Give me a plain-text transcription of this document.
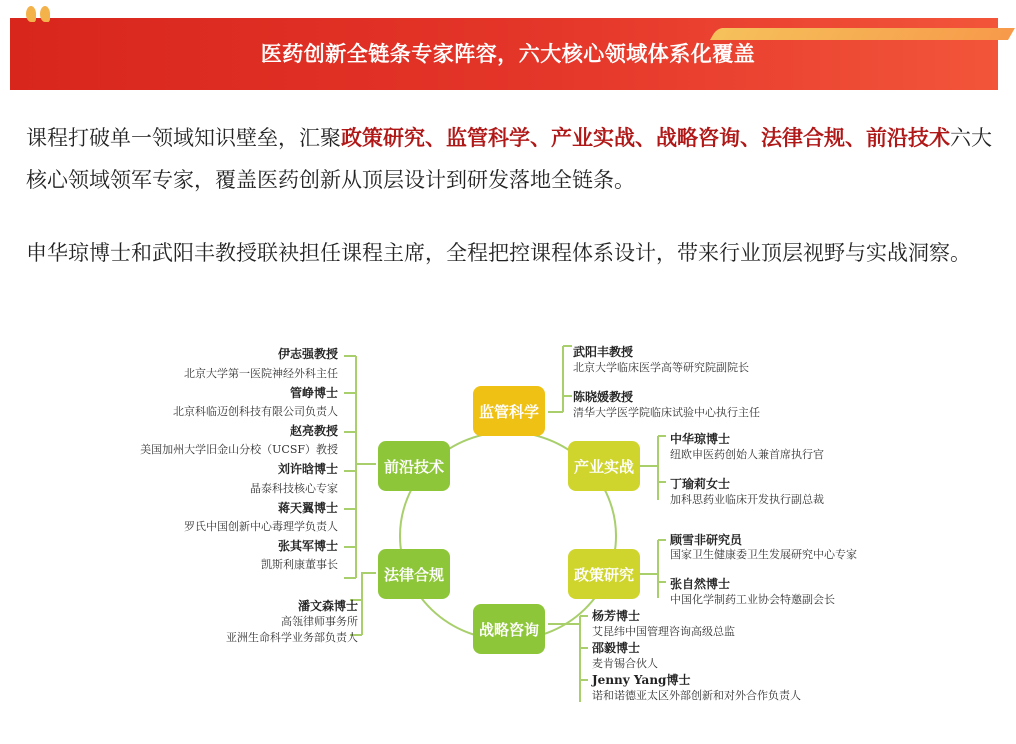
医药创新全链条专家阵容，六大核心领域体系化覆盖

课程打破单一领域知识壁垒，汇聚政策研究、监管科学、产业实战、战略咨询、法律合规、前沿技术六大核心领域领军专家，覆盖医药创新从顶层设计到研发落地全链条。

申华琼博士和武阳丰教授联袂担任课程主席，全程把控课程体系设计，带来行业顶层视野与实战洞察。

监管科学
产业实战
政策研究
战略咨询
法律合规
前沿技术
伊志强教授
北京大学第一医院神经外科主任
管峥博士
北京科临迈创科技有限公司负责人
赵亮教授
美国加州大学旧金山分校（UCSF）教授
刘许晗博士
晶泰科技核心专家
蒋天翼博士
罗氏中国创新中心毒理学负责人
张其军博士
凯斯利康董事长
潘文森博士
高瓴律师事务所
亚洲生命科学业务部负责人
武阳丰教授
北京大学临床医学高等研究院副院长
陈晓媛教授
清华大学医学院临床试验中心执行主任
中华琼博士
纽欧申医药创始人兼首席执行官
丁瑜莉女士
加科思药业临床开发执行副总裁
顾雪非研究员
国家卫生健康委卫生发展研究中心专家
张自然博士
中国化学制药工业协会特邀副会长
杨芳博士
艾昆纬中国管理咨询高级总监
邵毅博士
麦肯锡合伙人
Jenny Yang博士
诺和诺德亚太区外部创新和对外合作负责人
